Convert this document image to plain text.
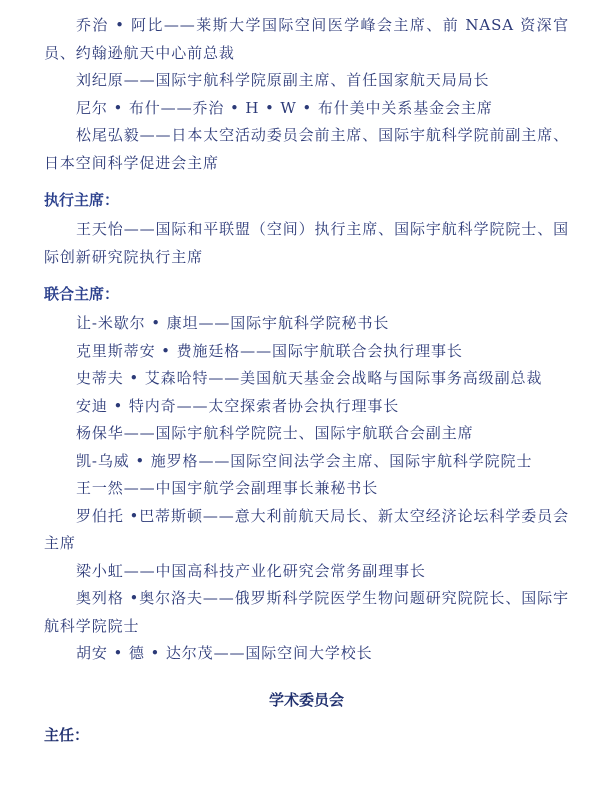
乔治 • 阿比——莱斯大学国际空间医学峰会主席、前 NASA 资深官员、约翰逊航天中心前总裁

刘纪原——国际宇航科学院原副主席、首任国家航天局局长

尼尔 • 布什——乔治 • H • W • 布什美中关系基金会主席

松尾弘毅——日本太空活动委员会前主席、国际宇航科学院前副主席、日本空间科学促进会主席

执行主席：

王天怡——国际和平联盟（空间）执行主席、国际宇航科学院院士、国际创新研究院执行主席

联合主席：

让-米歇尔 • 康坦——国际宇航科学院秘书长

克里斯蒂安 • 费施廷格——国际宇航联合会执行理事长

史蒂夫 • 艾森哈特——美国航天基金会战略与国际事务高级副总裁

安迪 • 特内奇——太空探索者协会执行理事长

杨保华——国际宇航科学院院士、国际宇航联合会副主席

凯-乌威 • 施罗格——国际空间法学会主席、国际宇航科学院院士

王一然——中国宇航学会副理事长兼秘书长

罗伯托 •巴蒂斯顿——意大利前航天局长、新太空经济论坛科学委员会主席

梁小虹——中国高科技产业化研究会常务副理事长

奥列格 •奥尔洛夫——俄罗斯科学院医学生物问题研究院院长、国际宇航科学院院士

胡安 • 德 • 达尔茂——国际空间大学校长

学术委员会
主任：
